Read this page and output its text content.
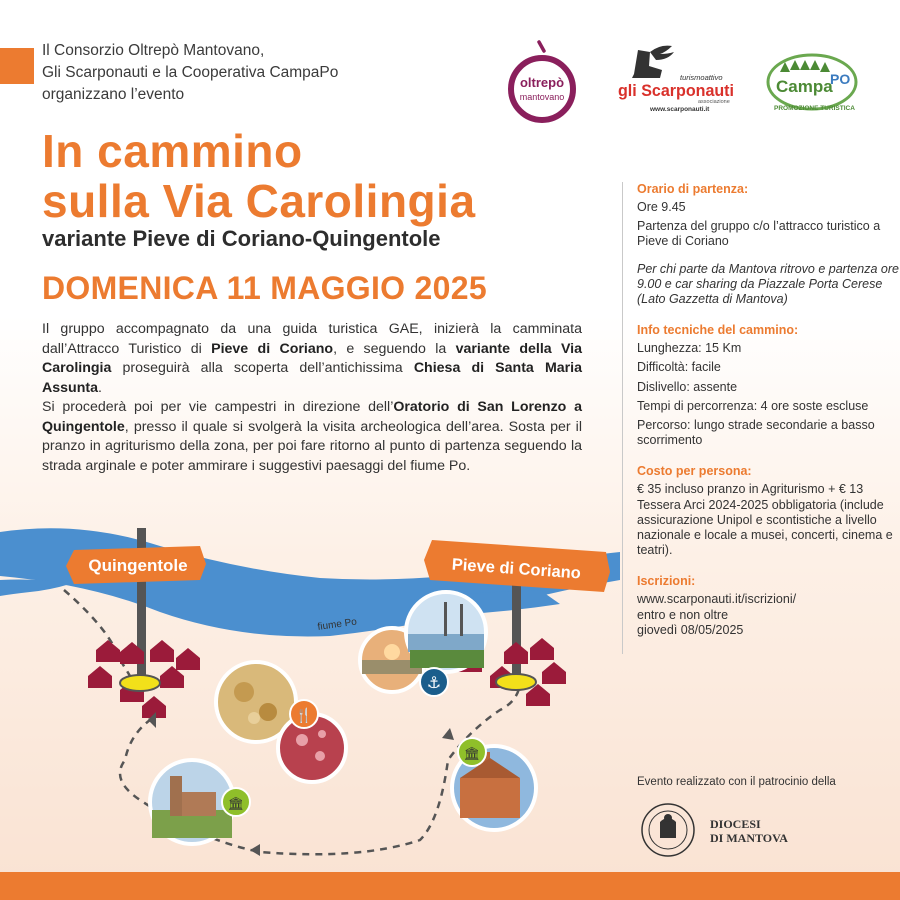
Il Consorzio Oltrepò Mantovano,
Gli Scarponauti e la Cooperativa CampaPo
organizzano l’evento
oltrepò
mantovano
turismoattivo
gli Scarponauti
associazione
www.scarponauti.it
Campa
PO
PROMOZIONE TURISTICA
In cammino
sulla Via Carolingia
variante Pieve di Coriano-Quingentole
DOMENICA 11 MAGGIO 2025

Il gruppo accompagnato da una guida turistica GAE, inizierà la camminata dall’Attracco Turistico di Pieve di Coriano, e seguendo la variante della Via Carolingia proseguirà alla scoperta dell’antichissima Chiesa di Santa Maria Assunta.

Si procederà poi per vie campestri in direzione dell’Oratorio di San Lorenzo a Quingentole, presso il quale si svolgerà la visita archeologica dell’area. Sosta per il pranzo in agriturismo della zona, per poi fare ritorno al punto di partenza seguendo la strada arginale e poter ammirare i suggestivi paesaggi del fiume Po.

fiume Po
Quingentole	Pieve di Coriano
⚓
🍴
🏛
🏛
Orario di partenza:

Ore 9.45

Partenza del gruppo c/o l’attracco turistico a Pieve di Coriano

Per chi parte da Mantova ritrovo e partenza ore 9.00 e car sharing da Piazzale Porta Cerese (Lato Gazzetta di Mantova)

Info tecniche del cammino:

Lunghezza: 15 Km

Difficoltà: facile

Dislivello: assente

Tempi di percorrenza: 4 ore soste escluse

Percorso: lungo strade secondarie a basso scorrimento

Costo per persona:

€ 35 incluso pranzo in Agriturismo + € 13 Tessera Arci 2024-2025 obbligatoria (include assicurazione Unipol e scontistiche a livello nazionale e locale a musei, concerti, cinema e teatri).

Iscrizioni:

www.scarponauti.it/iscrizioni/

entro e non oltre

giovedì 08/05/2025

Evento realizzato con il patrocinio della
DIOCESI
DI MANTOVA
